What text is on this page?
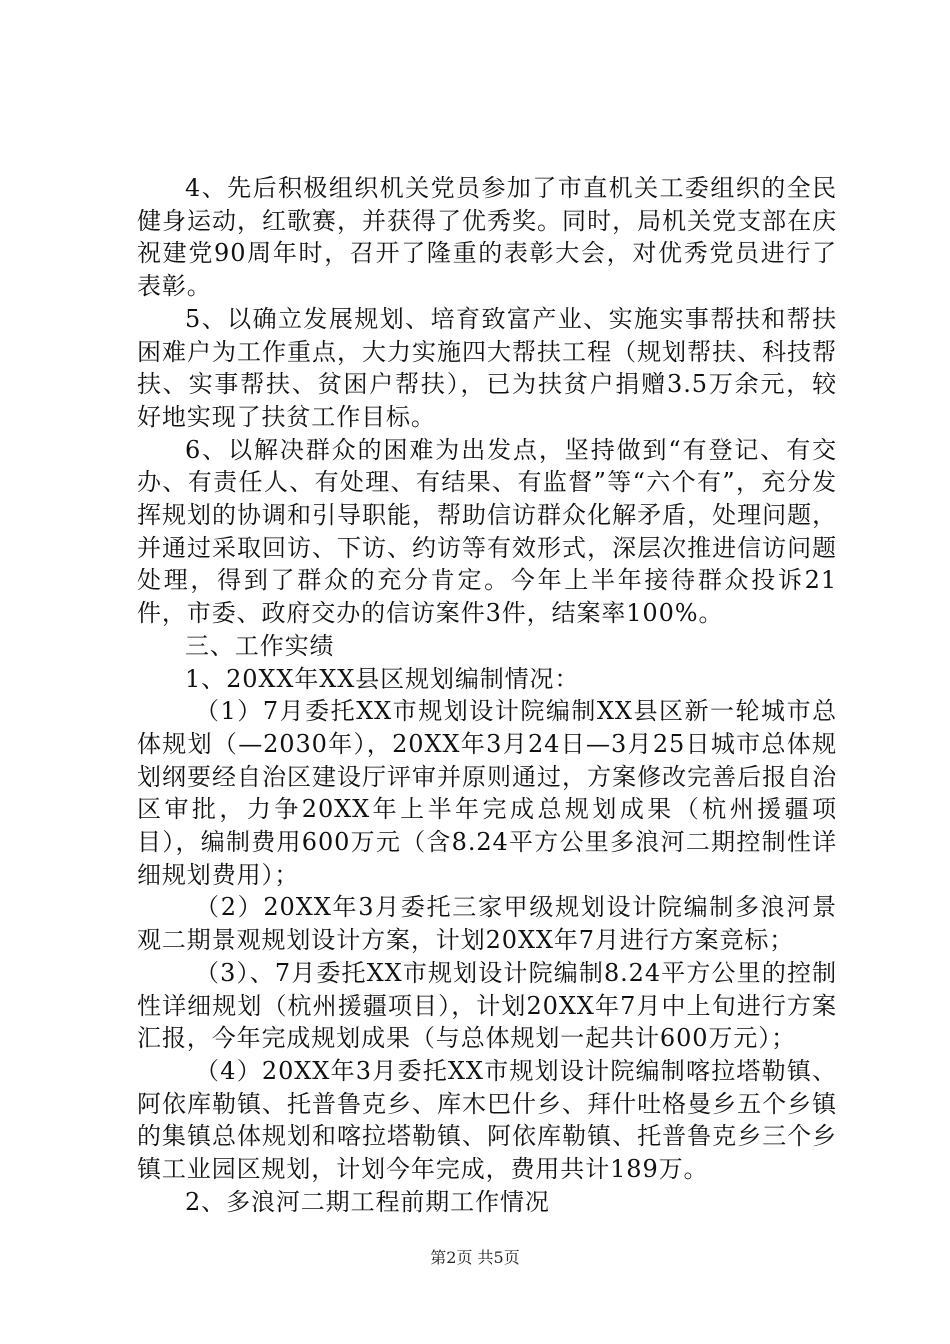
4、先后积极组织机关党员参加了市直机关工委组织的全民健身运动，红歌赛，并获得了优秀奖。同时，局机关党支部在庆祝建党90周年时，召开了隆重的表彰大会，对优秀党员进行了表彰。

5、以确立发展规划、培育致富产业、实施实事帮扶和帮扶困难户为工作重点，大力实施四大帮扶工程（规划帮扶、科技帮扶、实事帮扶、贫困户帮扶），已为扶贫户捐赠3.5万余元，较好地实现了扶贫工作目标。

6、以解决群众的困难为出发点，坚持做到“有登记、有交办、有责任人、有处理、有结果、有监督”等“六个有”，充分发挥规划的协调和引导职能，帮助信访群众化解矛盾，处理问题，并通过采取回访、下访、约访等有效形式，深层次推进信访问题处理，得到了群众的充分肯定。今年上半年接待群众投诉21件，市委、政府交办的信访案件3件，结案率100%。

三、工作实绩

1、20XX年XX县区规划编制情况：

（1）7月委托XX市规划设计院编制XX县区新一轮城市总体规划（—2030年），20XX年3月24日—3月25日城市总体规划纲要经自治区建设厅评审并原则通过，方案修改完善后报自治区审批，力争20XX年上半年完成总规划成果（杭州援疆项目），编制费用600万元（含8.24平方公里多浪河二期控制性详细规划费用）；

（2）20XX年3月委托三家甲级规划设计院编制多浪河景观二期景观规划设计方案，计划20XX年7月进行方案竞标；

（3）、7月委托XX市规划设计院编制8.24平方公里的控制性详细规划（杭州援疆项目），计划20XX年7月中上旬进行方案汇报，今年完成规划成果（与总体规划一起共计600万元）；

（4）20XX年3月委托XX市规划设计院编制喀拉塔勒镇、阿依库勒镇、托普鲁克乡、库木巴什乡、拜什吐格曼乡五个乡镇的集镇总体规划和喀拉塔勒镇、阿依库勒镇、托普鲁克乡三个乡镇工业园区规划，计划今年完成，费用共计189万。

2、多浪河二期工程前期工作情况

第2页 共5页
